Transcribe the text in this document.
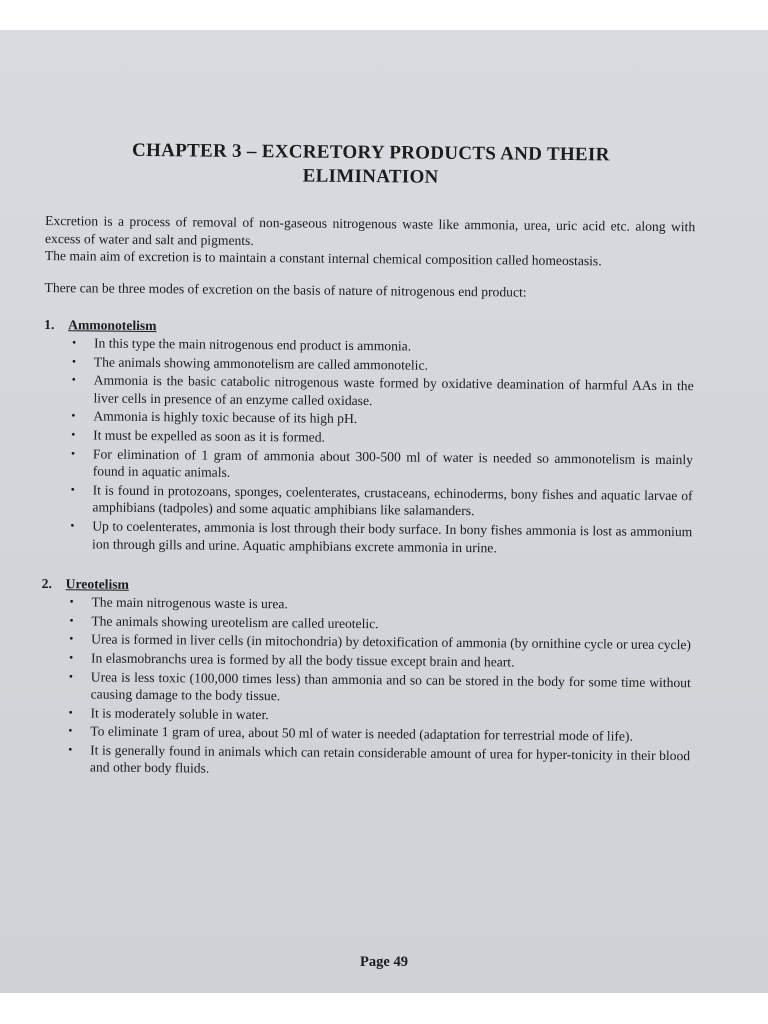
CHAPTER 3 – EXCRETORY PRODUCTS AND THEIR
ELIMINATION

Excretion is a process of removal of non-gaseous nitrogenous waste like ammonia, urea, uric acid etc. along with excess of water and salt and pigments.

The main aim of excretion is to maintain a constant internal chemical composition called homeostasis.

There can be three modes of excretion on the basis of nature of nitrogenous end product:

1. Ammonotelism

• In this type the main nitrogenous end product is ammonia.
• The animals showing ammonotelism are called ammonotelic.
• Ammonia is the basic catabolic nitrogenous waste formed by oxidative deamination of harmful AAs in the liver cells in presence of an enzyme called oxidase.
• Ammonia is highly toxic because of its high pH.
• It must be expelled as soon as it is formed.
• For elimination of 1 gram of ammonia about 300-500 ml of water is needed so ammonotelism is mainly found in aquatic animals.
• It is found in protozoans, sponges, coelenterates, crustaceans, echinoderms, bony fishes and aquatic larvae of amphibians (tadpoles) and some aquatic amphibians like salamanders.
• Up to coelenterates, ammonia is lost through their body surface. In bony fishes ammonia is lost as ammonium ion through gills and urine. Aquatic amphibians excrete ammonia in urine.

2. Ureotelism

• The main nitrogenous waste is urea.
• The animals showing ureotelism are called ureotelic.
• Urea is formed in liver cells (in mitochondria) by detoxification of ammonia (by ornithine cycle or urea cycle)
• In elasmobranchs urea is formed by all the body tissue except brain and heart.
• Urea is less toxic (100,000 times less) than ammonia and so can be stored in the body for some time without causing damage to the body tissue.
• It is moderately soluble in water.
• To eliminate 1 gram of urea, about 50 ml of water is needed (adaptation for terrestrial mode of life).
• It is generally found in animals which can retain considerable amount of urea for hyper-tonicity in their blood and other body fluids.
Page 49
